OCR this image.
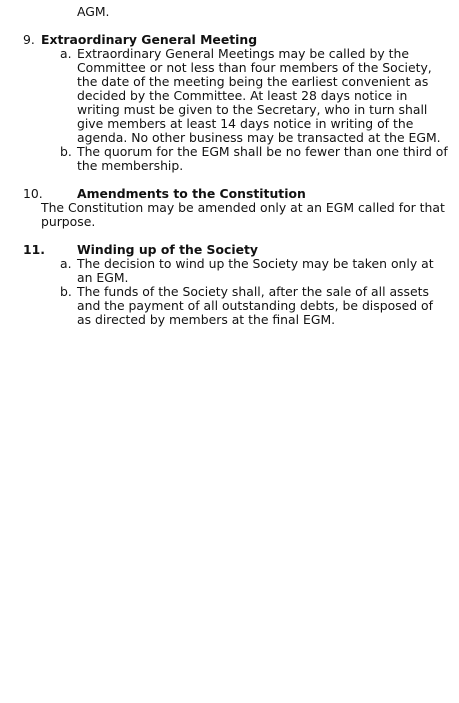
AGM.

9. Extraordinary General Meeting
a. Extraordinary General Meetings may be called by the Committee or not less than four members of the Society, the date of the meeting being the earliest convenient as decided by the Committee. At least 28 days notice in writing must be given to the Secretary, who in turn shall give members at least 14 days notice in writing of the agenda. No other business may be transacted at the EGM.
b. The quorum for the EGM shall be no fewer than one third of the membership.
10.	Amendments to the Constitution

The Constitution may be amended only at an EGM called for that purpose.

11.	Winding up of the Society
a. The decision to wind up the Society may be taken only at an EGM.
b. The funds of the Society shall, after the sale of all assets and the payment of all outstanding debts, be disposed of as directed by members at the final EGM.
